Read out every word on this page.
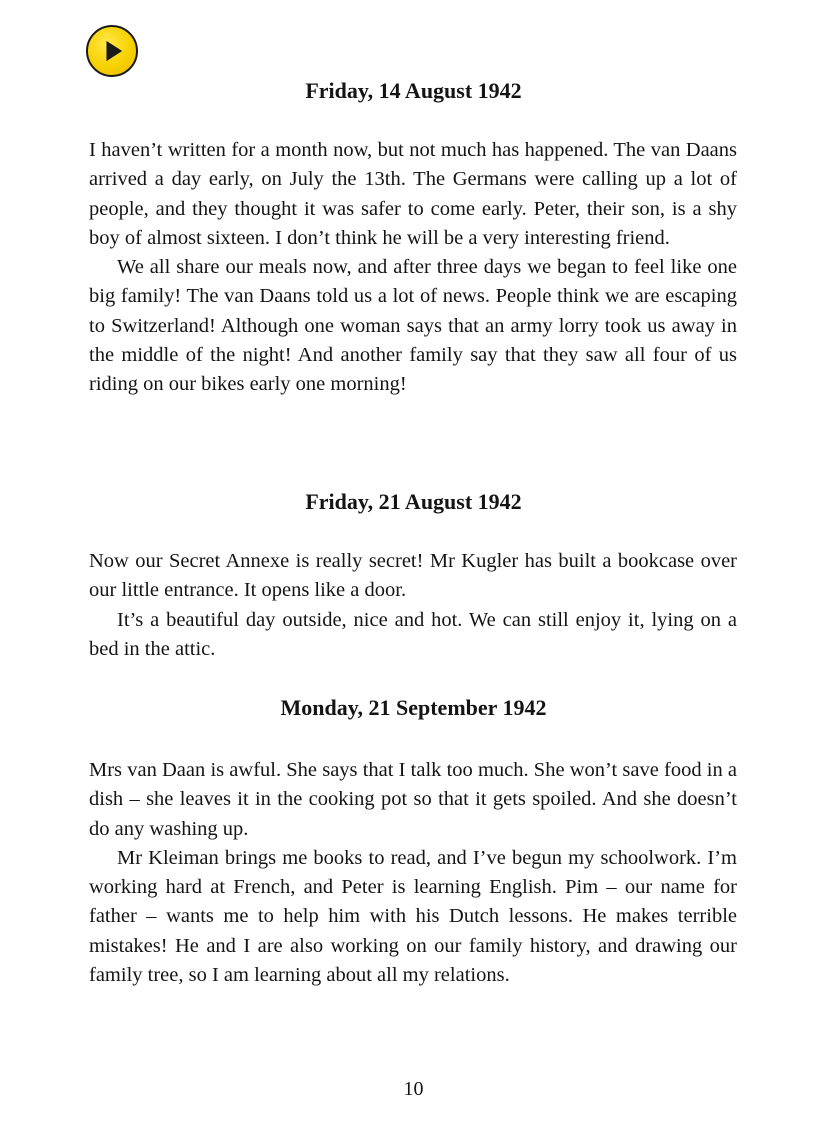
Friday, 14 August 1942

I haven’t written for a month now, but not much has happened. The van Daans arrived a day early, on July the 13th. The Germans were calling up a lot of people, and they thought it was safer to come early. Peter, their son, is a shy boy of almost sixteen. I don’t think he will be a very interesting friend.

We all share our meals now, and after three days we began to feel like one big family! The van Daans told us a lot of news. People think we are escaping to Switzerland! Although one woman says that an army lorry took us away in the middle of the night! And another family say that they saw all four of us riding on our bikes early one morning!

Friday, 21 August 1942

Now our Secret Annexe is really secret! Mr Kugler has built a bookcase over our little entrance. It opens like a door.

It’s a beautiful day outside, nice and hot. We can still enjoy it, lying on a bed in the attic.

Monday, 21 September 1942

Mrs van Daan is awful. She says that I talk too much. She won’t save food in a dish – she leaves it in the cooking pot so that it gets spoiled. And she doesn’t do any washing up.

Mr Kleiman brings me books to read, and I’ve begun my schoolwork. I’m working hard at French, and Peter is learning English. Pim – our name for father – wants me to help him with his Dutch lessons. He makes terrible mistakes! He and I are also working on our family history, and drawing our family tree, so I am learning about all my relations.

10
